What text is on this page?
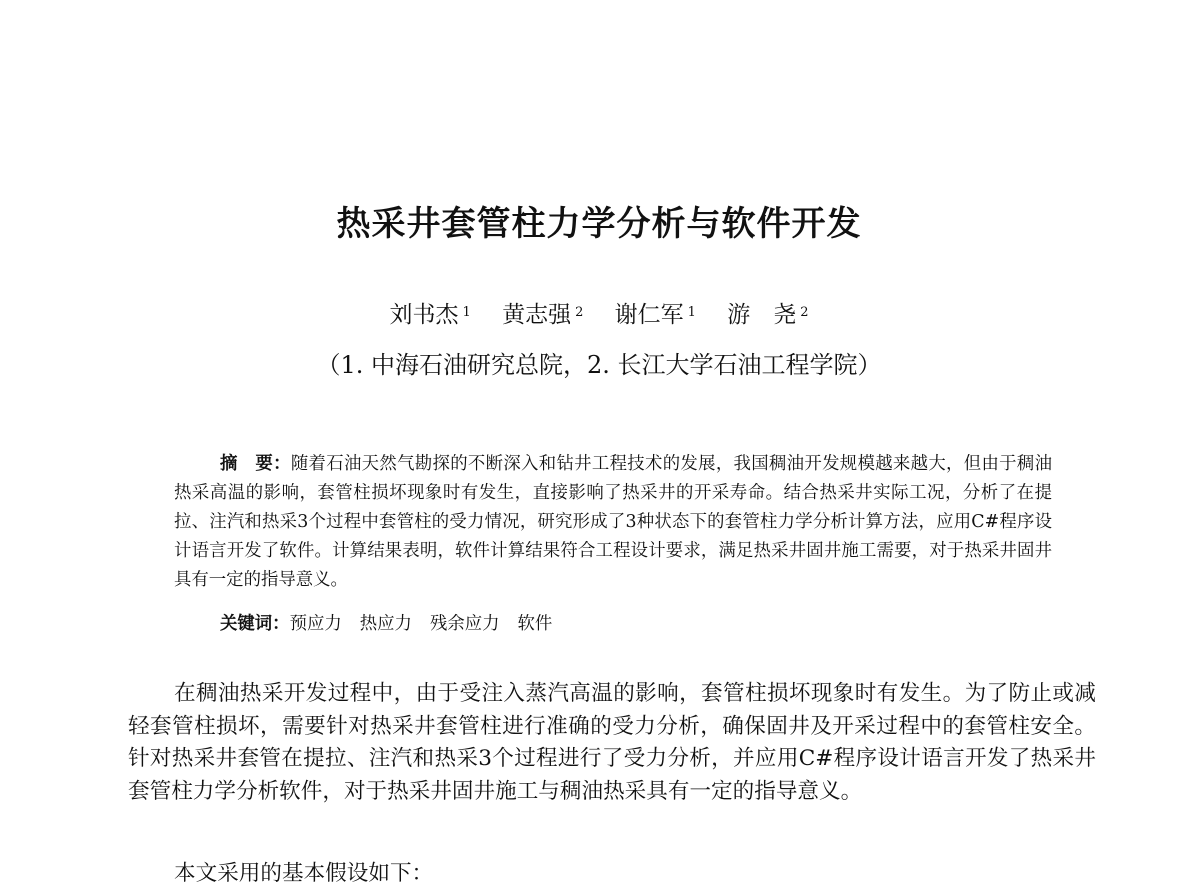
热采井套管柱力学分析与软件开发
刘书杰 $^1$ 黄志强 $^2$ 谢仁军 $^1$ 游　尧 $^2$
（1. 中海石油研究总院，2. 长江大学石油工程学院）
摘　要：随着石油天然气勘探的不断深入和钻井工程技术的发展，我国稠油开发规模越来越大，但由于稠油热采高温的影响，套管柱损坏现象时有发生，直接影响了热采井的开采寿命。结合热采井实际工况，分析了在提拉、注汽和热采3个过程中套管柱的受力情况，研究形成了3种状态下的套管柱力学分析计算方法，应用C#程序设计语言开发了软件。计算结果表明，软件计算结果符合工程设计要求，满足热采井固井施工需要，对于热采井固井具有一定的指导意义。
关键词：预应力 热应力 残余应力 软件
在稠油热采开发过程中，由于受注入蒸汽高温的影响，套管柱损坏现象时有发生。为了防止或减轻套管柱损坏，需要针对热采井套管柱进行准确的受力分析，确保固井及开采过程中的套管柱安全。针对热采井套管在提拉、注汽和热采3个过程进行了受力分析，并应用C#程序设计语言开发了热采井套管柱力学分析软件，对于热采井固井施工与稠油热采具有一定的指导意义。
本文采用的基本假设如下：
